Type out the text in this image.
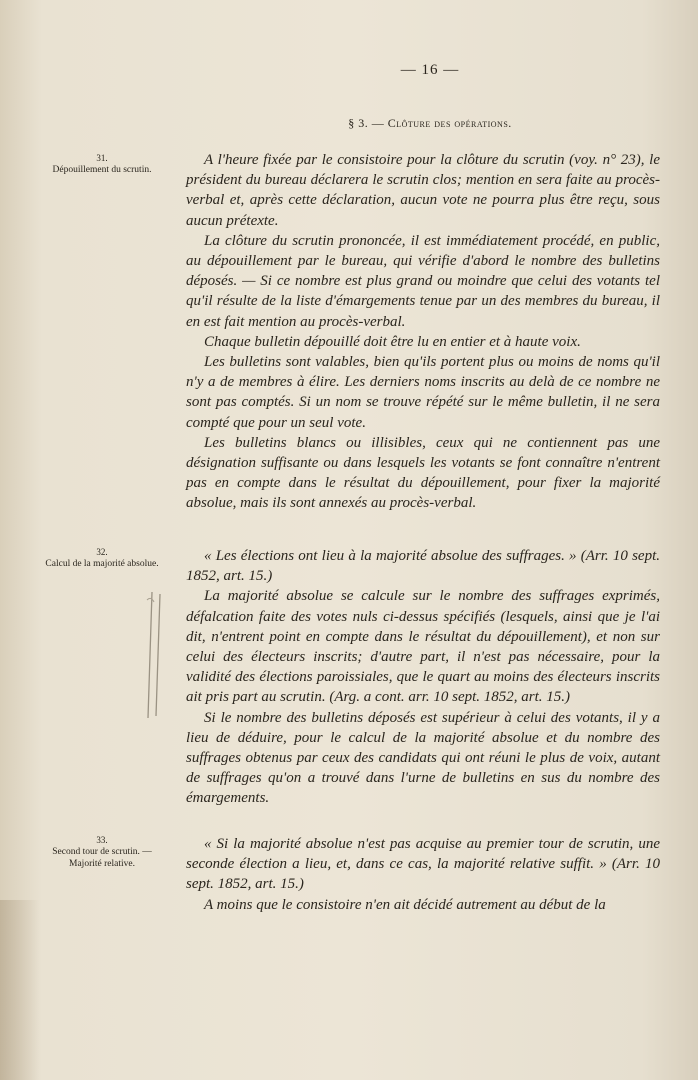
— 16 —
§ 3. — Clôture des opérations.
31.
Dépouillement du scrutin.

A l'heure fixée par le consistoire pour la clôture du scrutin (voy. n° 23), le président du bureau déclarera le scrutin clos; mention en sera faite au procès-verbal et, après cette déclaration, aucun vote ne pourra plus être reçu, sous aucun prétexte.

La clôture du scrutin prononcée, il est immédiatement procédé, en public, au dépouillement par le bureau, qui vérifie d'abord le nombre des bulletins déposés. — Si ce nombre est plus grand ou moindre que celui des votants tel qu'il résulte de la liste d'émargements tenue par un des membres du bureau, il en est fait mention au procès-verbal.

Chaque bulletin dépouillé doit être lu en entier et à haute voix.

Les bulletins sont valables, bien qu'ils portent plus ou moins de noms qu'il n'y a de membres à élire. Les derniers noms inscrits au delà de ce nombre ne sont pas comptés. Si un nom se trouve répété sur le même bulletin, il ne sera compté que pour un seul vote.

Les bulletins blancs ou illisibles, ceux qui ne contiennent pas une désignation suffisante ou dans lesquels les votants se font connaître n'entrent pas en compte dans le résultat du dépouillement, pour fixer la majorité absolue, mais ils sont annexés au procès-verbal.

32.
Calcul de la majorité absolue.	« Les élections ont lieu à la majorité absolue des suffrages. » (Arr. 10 sept. 1852, art. 15.)

La majorité absolue se calcule sur le nombre des suffrages exprimés, défalcation faite des votes nuls ci-dessus spécifiés (lesquels, ainsi que je l'ai dit, n'entrent point en compte dans le résultat du dépouillement), et non sur celui des électeurs inscrits; d'autre part, il n'est pas nécessaire, pour la validité des élections paroissiales, que le quart au moins des électeurs inscrits ait pris part au scrutin. (Arg. a cont. arr. 10 sept. 1852, art. 15.)

Si le nombre des bulletins déposés est supérieur à celui des votants, il y a lieu de déduire, pour le calcul de la majorité absolue et du nombre des suffrages obtenus par ceux des candidats qui ont réuni le plus de voix, autant de suffrages qu'on a trouvé dans l'urne de bulletins en sus du nombre des émargements.

33.
Second tour de scrutin. —
Majorité relative.

« Si la majorité absolue n'est pas acquise au premier tour de scrutin, une seconde élection a lieu, et, dans ce cas, la majorité relative suffit. » (Arr. 10 sept. 1852, art. 15.)

A moins que le consistoire n'en ait décidé autrement au début de la
